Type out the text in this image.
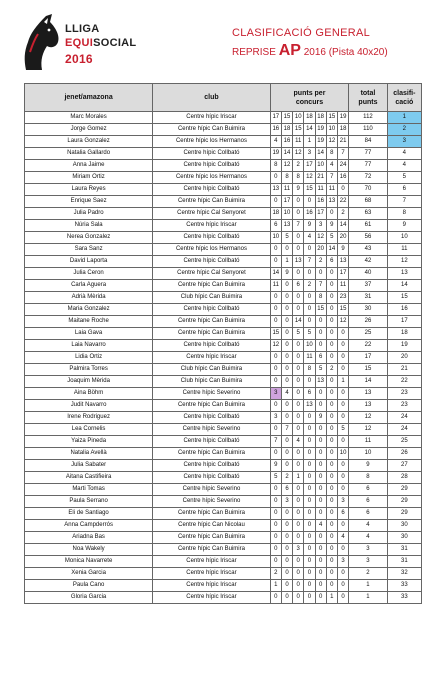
LLIGA
EQUISOCIAL
2016
CLASIFICACIÓ GENERAL
REPRISE AP 2016 (Pista 40x20)
jenet/amazona	club	punts per
concurs							total
punts	clasifi-
cació
Marc Morales	Centre hípic Iriscar	17	15	10	18	18	15	19	112	1
Jorge Gomez	Centre hípic Can Buimira	16	18	15	14	19	10	18	110	2
Laura Gonzalez	Centre hípic los Hermanos	4	16	11	1	19	12	21	84	3
Natalia Gallardo	Centre hípic Collbató	19	14	12	3	14	8	7	77	4
Anna Jaime	Centre hípic Collbató	8	12	2	17	10	4	24	77	4
Miriam Ortiz	Centre hípic los Hermanos	0	8	8	12	21	7	16	72	5
Laura Reyes	Centre hípic Collbató	13	11	9	15	11	11	0	70	6
Enrique Saez	Centre hípic Can Buimira	0	17	0	0	16	13	22	68	7
Julia Padro	Centre hípic Cal Senyoret	18	10	0	16	17	0	2	63	8
Núria Sala	Centre hípic Iriscar	6	13	7	9	3	9	14	61	9
Nerea Gonzalez	Centre hípic Collbató	10	5	0	4	12	5	20	56	10
Sara Sanz	Centre hípic los Hermanos	0	0	0	0	20	14	9	43	11
David Laporta	Centre hípic Collbató	0	1	13	7	2	6	13	42	12
Julia Ceron	Centre hípic Cal Senyoret	14	9	0	0	0	0	17	40	13
Carla Aguera	Centre hípic Can Buimira	11	0	6	2	7	0	11	37	14
Adrià Mèrida	Club hípic Can Buimira	0	0	0	0	8	0	23	31	15
Maria Gonzalez	Centre hípic Collbató	0	0	0	0	15	0	15	30	16
Maitane Roche	Centre hípic Can Buimira	0	0	14	0	0	0	12	26	17
Laia Gava	Centre hípic Can Buimira	15	0	5	5	0	0	0	25	18
Laia Navarro	Centre hípic Collbató	12	0	0	10	0	0	0	22	19
Lidia Ortiz	Centre hípic Iriscar	0	0	0	11	6	0	0	17	20
Palmira Torres	Club hípic Can Buimira	0	0	0	8	5	2	0	15	21
Joaquim Mèrida	Club hípic Can Buimira	0	0	0	0	13	0	1	14	22
Aina Böhm	Centre hípic Severino	3	4	0	6	0	0	0	13	23
Judit Navarro	Centre hípic Can Buimira	0	0	0	13	0	0	0	13	23
Irene Rodriguez	Centre hípic Collbató	3	0	0	0	9	0	0	12	24
Lea Cornelis	Centre hípic Severino	0	7	0	0	0	0	5	12	24
Yaiza Pineda	Centre hípic Collbató	7	0	4	0	0	0	0	11	25
Natalia Avellà	Centre hípic Can Buimira	0	0	0	0	0	0	10	10	26
Julia Sabater	Centre hípic Collbató	9	0	0	0	0	0	0	9	27
Aitana Castifieira	Centre hípic Collbató	5	2	1	0	0	0	0	8	28
Marti Tomas	Centre hípic Severino	0	6	0	0	0	0	0	6	29
Paula Serrano	Centre hípic Severino	0	3	0	0	0	0	3	6	29
Eli de Santiago	Centre hípic Can Buimira	0	0	0	0	0	0	6	6	29
Anna Campderrós	Centre hípic Can Nicolau	0	0	0	0	4	0	0	4	30
Ariadna Bas	Centre hípic Can Buimira	0	0	0	0	0	0	4	4	30
Noa Wakely	Centre hípic Can Buimira	0	0	3	0	0	0	0	3	31
Monica Navarrete	Centre hípic Iriscar	0	0	0	0	0	0	3	3	31
Xenia Garcia	Centre hípic Iriscar	2	0	0	0	0	0	0	2	32
Paula Cano	Centre hípic Iriscar	1	0	0	0	0	0	0	1	33
Gloria Garcia	Centre hípic Iriscar	0	0	0	0	0	1	0	1	33
